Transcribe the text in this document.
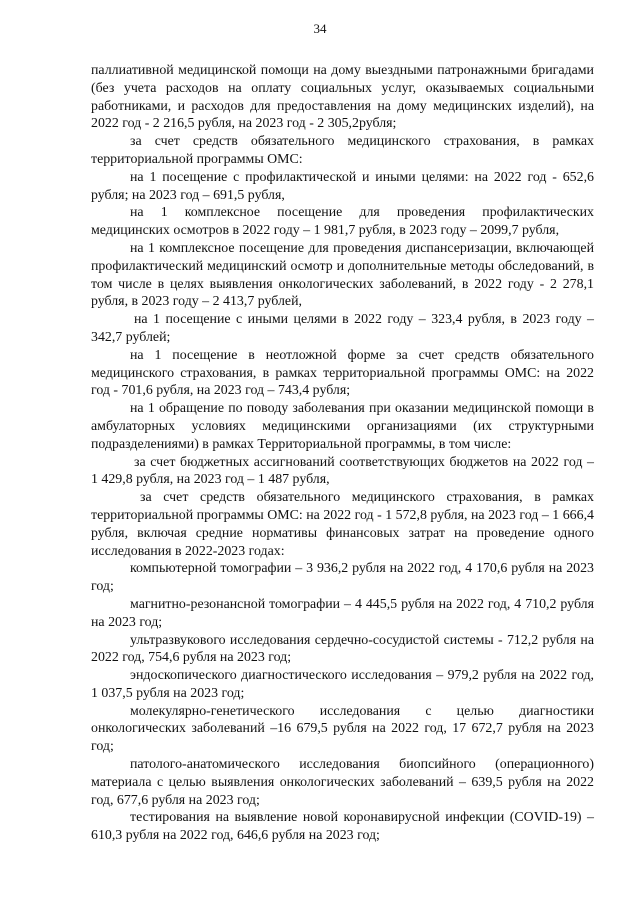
34

паллиативной медицинской помощи на дому выездными патронажными бригадами (без учета расходов на оплату социальных услуг, оказываемых социальными работниками, и расходов для предоставления на дому медицинских изделий), на 2022 год - 2 216,5 рубля, на 2023 год - 2 305,2рубля;

за счет средств обязательного медицинского страхования, в рамках территориальной программы ОМС:

на 1 посещение с профилактической и иными целями: на 2022 год - 652,6 рубля; на 2023 год – 691,5 рубля,

на 1 комплексное посещение для проведения профилактических медицинских осмотров в 2022 году – 1 981,7 рубля, в 2023 году – 2099,7 рубля,

на 1 комплексное посещение для проведения диспансеризации, включающей профилактический медицинский осмотр и дополнительные методы обследований, в том числе в целях выявления онкологических заболеваний, в 2022 году - 2 278,1 рубля, в 2023 году – 2 413,7 рублей,

на 1 посещение с иными целями в 2022 году – 323,4 рубля, в 2023 году – 342,7 рублей;

на 1 посещение в неотложной форме за счет средств обязательного медицинского страхования, в рамках территориальной программы ОМС: на 2022 год - 701,6 рубля, на 2023 год – 743,4 рубля;

на 1 обращение по поводу заболевания при оказании медицинской помощи в амбулаторных условиях медицинскими организациями (их структурными подразделениями) в рамках Территориальной программы, в том числе:

за счет бюджетных ассигнований соответствующих бюджетов на 2022 год – 1 429,8 рубля, на 2023 год – 1 487 рубля,

за счет средств обязательного медицинского страхования, в рамках территориальной программы ОМС: на 2022 год - 1 572,8 рубля, на 2023 год – 1 666,4 рубля, включая средние нормативы финансовых затрат на проведение одного исследования в 2022-2023 годах:

компьютерной томографии – 3 936,2 рубля на 2022 год, 4 170,6 рубля на 2023 год;

магнитно-резонансной томографии – 4 445,5 рубля на 2022 год, 4 710,2 рубля на 2023 год;

ультразвукового исследования сердечно-сосудистой системы - 712,2 рубля на 2022 год, 754,6 рубля на 2023 год;

эндоскопического диагностического исследования – 979,2 рубля на 2022 год, 1 037,5 рубля на 2023 год;

молекулярно-генетического исследования с целью диагностики онкологических заболеваний –16 679,5 рубля на 2022 год, 17 672,7 рубля на 2023 год;

патолого-анатомического исследования биопсийного (операционного) материала с целью выявления онкологических заболеваний – 639,5 рубля на 2022 год, 677,6 рубля на 2023 год;

тестирования на выявление новой коронавирусной инфекции (COVID-19) – 610,3 рубля на 2022 год, 646,6 рубля на 2023 год;
